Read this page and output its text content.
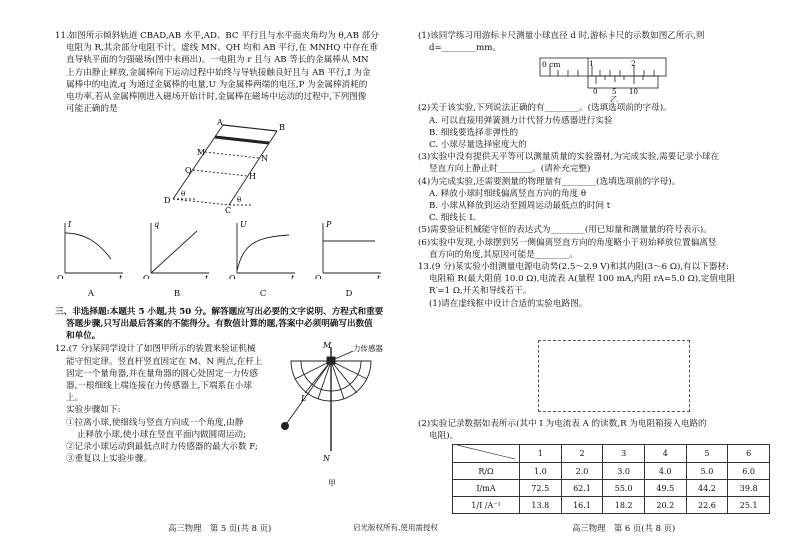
11.如图所示倾斜轨道 CBAD,AB 水平,AD、BC 平行且与水平面夹角均为 θ,AB 部分

电阻为 R,其余部分电阻不计。虚线 MN、QH 均和 AB 平行,在 MNHQ 中存在垂

直导轨平面的匀强磁场(图中未画出)。一电阻为 r 且与 AB 等长的金属棒从 MN

上方由静止释放,金属棒向下运动过程中始终与导轨接触良好且与 AB 平行,I 为金

属棒中的电流,q 为通过金属棒的电量,U 为金属棒两端的电压,P 为金属棒消耗的

电功率,若从金属棒刚进入磁场开始计时,金属棒在磁场中运动的过程中,下列图像

可能正确的是

A
B
M
Q
N
H
D
C
θ
θ
I
t
O
A
q
t
O
B
U
t
O
C
P
t
O
D

三、非选择题:本题共 5 小题,共 50 分。解答题应写出必要的文字说明、方程式和重要

答题步骤,只写出最后答案的不能得分。有数值计算的题,答案中必须明确写出数值

和单位。

12.(7 分)某同学设计了如图甲所示的装置来验证机械

能守恒定律。竖直杆竖直固定在 M、N 两点,在杆上

固定一个量角器,并在量角器的圆心处固定一力传感

器,一根细线上端连接在力传感器上,下端系在小球

上。

实验步骤如下:

①拉离小球,使细线与竖直方向成一个角度,由静

止释放小球,使小球在竖直平面内做圆周运动;

②记录小球运动到最低点时力传感器的最大示数 F;

③重复以上实验步骤。

M	力传感器
L
N
甲

(1)该同学练习用游标卡尺测量小球直径 d 时,游标卡尺的示数如图乙所示,则

d=________mm。

0 cm	1	2
0 5 10
乙

(2)关于该实验,下列说法正确的有________。(选填选项前的字母)。

A. 可以直接用弹簧测力计代替力传感器进行实验

B. 细线要选择非弹性的

C. 小球尽量选择密度大的

(3)实验中没有提供天平等可以测量质量的实验器材,为完成实验,需要记录小球在

竖直方向上静止时________。(请补充完整)

(4)为完成实验,还需要测量的物理量有________(选填选项前的字母)。

A. 释放小球时细线偏离竖直方向的角度 θ

B. 小球从释放到运动至圆周运动最低点的时间 t

C. 细线长 L

(5)需要验证机械能守恒的表达式为________(用已知量和测量量的符号表示)。

(6)实验中发现,小球摆到另一侧偏离竖直方向的角度略小于初始释放位置偏离竖

直方向的角度,其原因可能是________。

13.(9 分)某实验小组测量电源电动势(2.5～2.9 V)和其内阻(3～6 Ω),有以下器材:

电阻箱 R(最大阻值 10.0 Ω),电流表 A(量程 100 mA,内阻 rA=5.0 Ω),定值电阻

R′=1 Ω,开关和导线若干。

(1)请在虚线框中设计合适的实验电路图。

(2)实验记录数据如表所示(其中 I 为电流表 A 的读数,R 为电阻箱接入电路的

电阻)。

	1	2	3	4	5	6
R/Ω	1.0	2.0	3.0	4.0	5.0	6.0
I/mA	72.5	62.1	55.0	49.5	44.2	39.8
1/I /A⁻¹	13.8	16.1	18.2	20.2	22.6	25.1
高三物理　第 5 页(共 8 页)	启光版权所有,使用需授权	高三物理　第 6 页(共 8 页)
